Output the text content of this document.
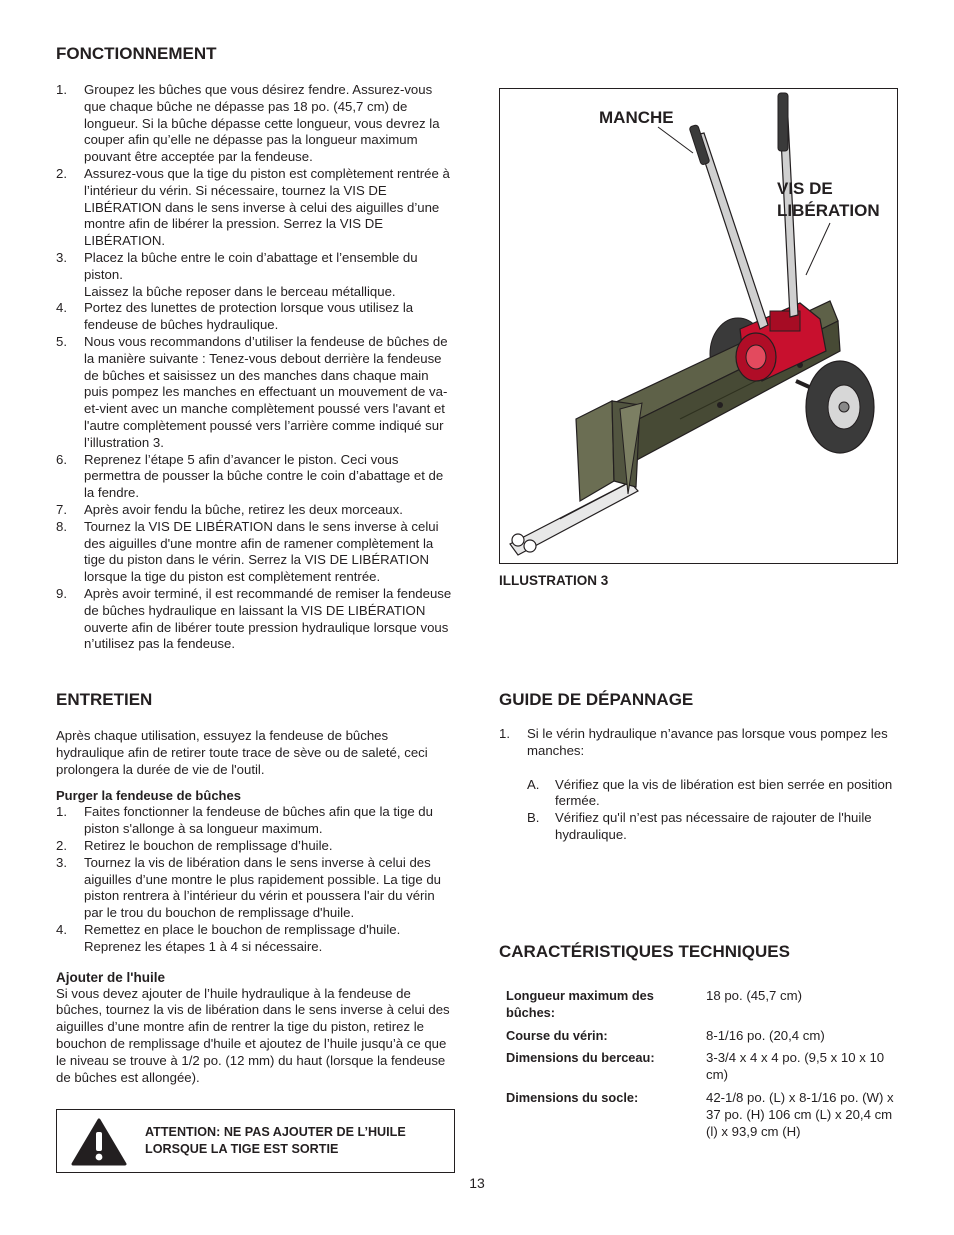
FONCTIONNEMENT
1. Groupez les bûches que vous désirez fendre. Assurez-vous que chaque bûche ne dépasse pas 18 po. (45,7 cm) de longueur. Si la bûche dépasse cette longueur, vous devrez la couper afin qu’elle ne dépasse pas la longueur maximum pouvant être acceptée par la fendeuse.
2. Assurez-vous que la tige du piston est complètement rentrée à l’intérieur du vérin. Si nécessaire, tournez la VIS DE LIBÉRATION dans le sens inverse à celui des aiguilles d’une montre afin de libérer la pression. Serrez la VIS DE LIBÉRATION.
3. Placez la bûche entre le coin d’abattage et l’ensemble du piston.
Laissez la bûche reposer dans le berceau métallique.
4. Portez des lunettes de protection lorsque vous utilisez la fendeuse de bûches hydraulique.
5. Nous vous recommandons d’utiliser la fendeuse de bûches de la manière suivante : Tenez-vous debout derrière la fendeuse de bûches et saisissez un des manches dans chaque main puis pompez les manches en effectuant un mouvement de va-et-vient avec un manche complètement poussé vers l'avant et l'autre complètement poussé vers l’arrière comme indiqué sur l’illustration 3.
6. Reprenez l’étape 5 afin d’avancer le piston. Ceci vous permettra de pousser la bûche contre le coin d’abattage et de la fendre.
7. Après avoir fendu la bûche, retirez les deux morceaux.
8. Tournez la VIS DE LIBÉRATION dans le sens inverse à celui des aiguilles d'une montre afin de ramener complètement la tige du piston dans le vérin. Serrez la VIS DE LIBÉRATION lorsque la tige du piston est complètement rentrée.
9. Après avoir terminé, il est recommandé de remiser la fendeuse de bûches hydraulique en laissant la VIS DE LIBÉRATION ouverte afin de libérer toute pression hydraulique lorsque vous n’utilisez pas la fendeuse.
MANCHE
VIS DE
LIBÉRATION
ILLUSTRATION 3
ENTRETIEN
Après chaque utilisation, essuyez la fendeuse de bûches hydraulique afin de retirer toute trace de sève ou de saleté, ceci prolongera la durée de vie de l'outil.
Purger la fendeuse de bûches
1. Faites fonctionner la fendeuse de bûches afin que la tige du piston s'allonge à sa longueur maximum.
2. Retirez le bouchon de remplissage d’huile.
3. Tournez la vis de libération dans le sens inverse à celui des aiguilles d’une montre le plus rapidement possible. La tige du piston rentrera à l’intérieur du vérin et poussera l'air du vérin par le trou du bouchon de remplissage d'huile.
4. Remettez en place le bouchon de remplissage d'huile. Reprenez les étapes 1 à 4 si nécessaire.
Ajouter de l'huile
Si vous devez ajouter de l’huile hydraulique à la fendeuse de bûches, tournez la vis de libération dans le sens inverse à celui des aiguilles d’une montre afin de rentrer la tige du piston, retirez le bouchon de remplissage d'huile et ajoutez de l’huile jusqu’à ce que le niveau se trouve à 1/2 po. (12 mm) du haut (lorsque la fendeuse de bûches est allongée).
ATTENTION: NE PAS AJOUTER DE L’HUILE
LORSQUE LA TIGE EST SORTIE
GUIDE DE DÉPANNAGE
1. Si le vérin hydraulique n’avance pas lorsque vous pompez les manches:
A. Vérifiez que la vis de libération est bien serrée en position fermée.
B. Vérifiez qu'il n’est pas nécessaire de rajouter de l'huile hydraulique.
CARACTÉRISTIQUES TECHNIQUES
Longueur maximum des bûches:
18 po. (45,7 cm)
Course du vérin:	8-1/16 po. (20,4 cm)
Dimensions du berceau:	3-3/4 x 4 x 4 po. (9,5 x 10 x 10 cm)
Dimensions du socle:	42-1/8 po. (L) x 8-1/16 po. (W) x 37 po. (H) 106 cm (L) x 20,4 cm (l) x 93,9 cm (H)
13
